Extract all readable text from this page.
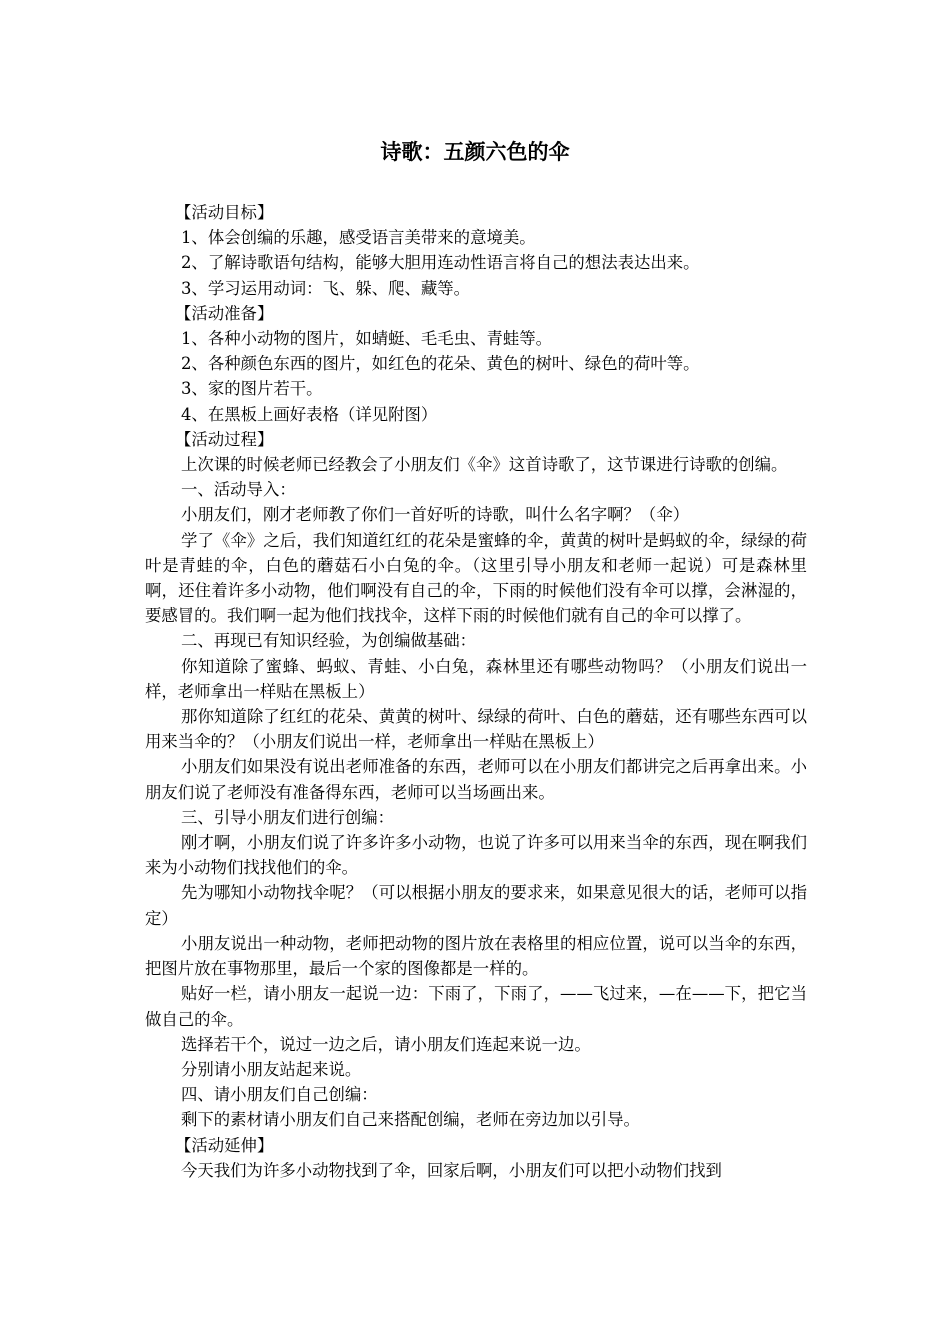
诗歌：五颜六色的伞

【活动目标】

1、体会创编的乐趣，感受语言美带来的意境美。

2、了解诗歌语句结构，能够大胆用连动性语言将自己的想法表达出来。

3、学习运用动词：飞、躲、爬、藏等。

【活动准备】

1、各种小动物的图片，如蜻蜓、毛毛虫、青蛙等。

2、各种颜色东西的图片，如红色的花朵、黄色的树叶、绿色的荷叶等。

3、家的图片若干。

4、在黑板上画好表格（详见附图）

【活动过程】

上次课的时候老师已经教会了小朋友们《伞》这首诗歌了，这节课进行诗歌的创编。

一、活动导入：

小朋友们，刚才老师教了你们一首好听的诗歌，叫什么名字啊？（伞）

学了《伞》之后，我们知道红红的花朵是蜜蜂的伞，黄黄的树叶是蚂蚁的伞，绿绿的荷叶是青蛙的伞，白色的蘑菇石小白兔的伞。（这里引导小朋友和老师一起说）可是森林里啊，还住着许多小动物，他们啊没有自己的伞，下雨的时候他们没有伞可以撑，会淋湿的，要感冒的。我们啊一起为他们找找伞，这样下雨的时候他们就有自己的伞可以撑了。

二、再现已有知识经验，为创编做基础：

你知道除了蜜蜂、蚂蚁、青蛙、小白兔，森林里还有哪些动物吗？（小朋友们说出一样，老师拿出一样贴在黑板上）

那你知道除了红红的花朵、黄黄的树叶、绿绿的荷叶、白色的蘑菇，还有哪些东西可以用来当伞的？（小朋友们说出一样，老师拿出一样贴在黑板上）

小朋友们如果没有说出老师准备的东西，老师可以在小朋友们都讲完之后再拿出来。小朋友们说了老师没有准备得东西，老师可以当场画出来。

三、引导小朋友们进行创编：

刚才啊，小朋友们说了许多许多小动物，也说了许多可以用来当伞的东西，现在啊我们来为小动物们找找他们的伞。

先为哪知小动物找伞呢？（可以根据小朋友的要求来，如果意见很大的话，老师可以指定）

小朋友说出一种动物，老师把动物的图片放在表格里的相应位置，说可以当伞的东西，把图片放在事物那里，最后一个家的图像都是一样的。

贴好一栏，请小朋友一起说一边：下雨了，下雨了，——飞过来，—在——下，把它当做自己的伞。

选择若干个，说过一边之后，请小朋友们连起来说一边。

分别请小朋友站起来说。

四、请小朋友们自己创编：

剩下的素材请小朋友们自己来搭配创编，老师在旁边加以引导。

【活动延伸】

今天我们为许多小动物找到了伞，回家后啊，小朋友们可以把小动物们找到
